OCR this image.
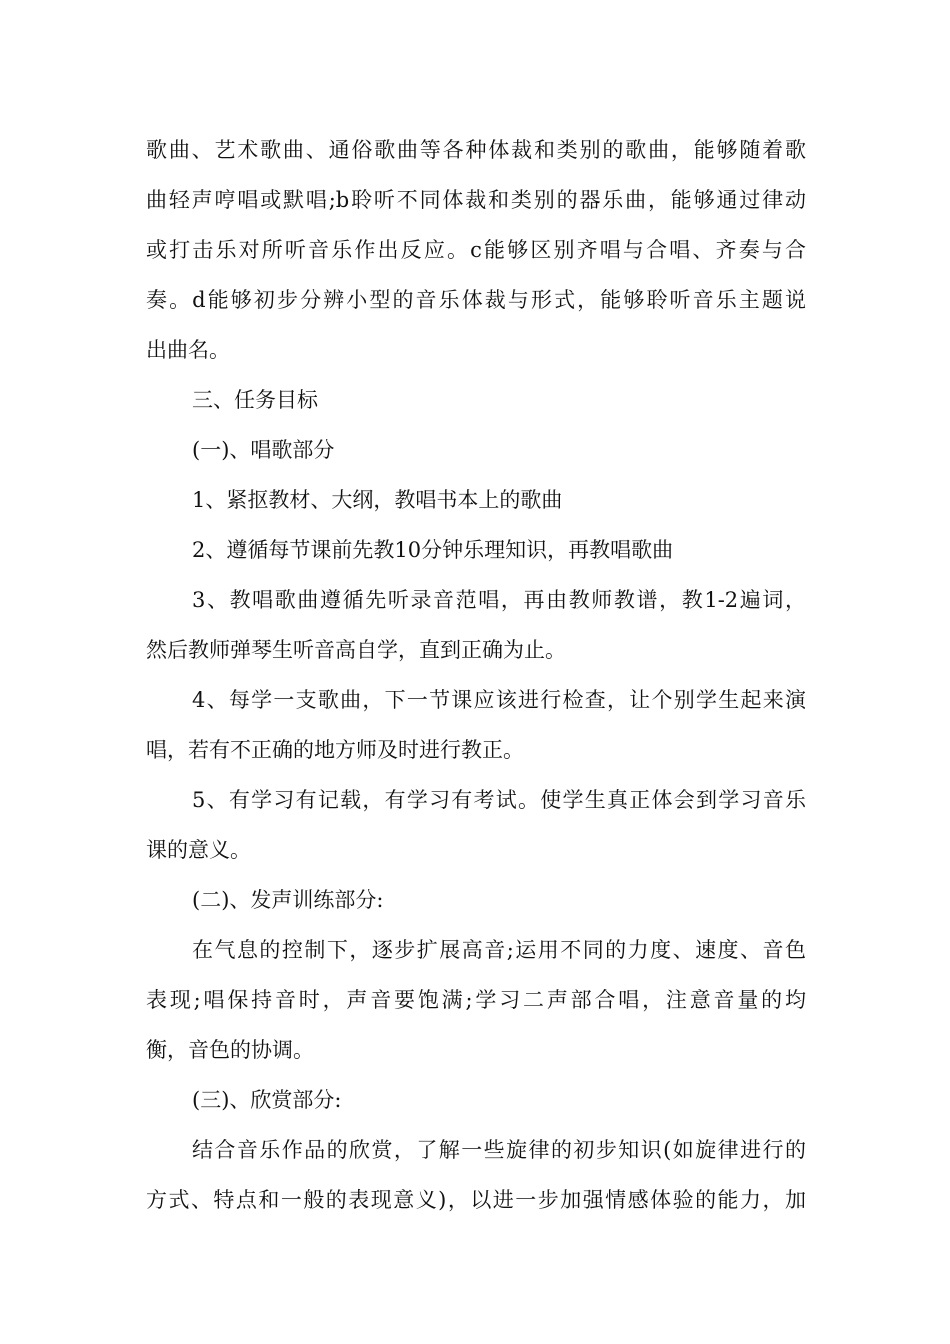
歌曲、艺术歌曲、通俗歌曲等各种体裁和类别的歌曲，能够随着歌
曲轻声哼唱或默唱;b聆听不同体裁和类别的器乐曲，能够通过律动
或打击乐对所听音乐作出反应。c能够区别齐唱与合唱、齐奏与合
奏。d能够初步分辨小型的音乐体裁与形式，能够聆听音乐主题说
出曲名。
三、任务目标
(一)、唱歌部分
1、紧抠教材、大纲，教唱书本上的歌曲
2、遵循每节课前先教10分钟乐理知识，再教唱歌曲
3、教唱歌曲遵循先听录音范唱，再由教师教谱，教1-2遍词，
然后教师弹琴生听音高自学，直到正确为止。
4、每学一支歌曲，下一节课应该进行检查，让个别学生起来演
唱，若有不正确的地方师及时进行教正。
5、有学习有记载，有学习有考试。使学生真正体会到学习音乐
课的意义。
(二)、发声训练部分:
在气息的控制下，逐步扩展高音;运用不同的力度、速度、音色
表现;唱保持音时，声音要饱满;学习二声部合唱，注意音量的均
衡，音色的协调。
(三)、欣赏部分:
结合音乐作品的欣赏，了解一些旋律的初步知识(如旋律进行的
方式、特点和一般的表现意义)，以进一步加强情感体验的能力，加
